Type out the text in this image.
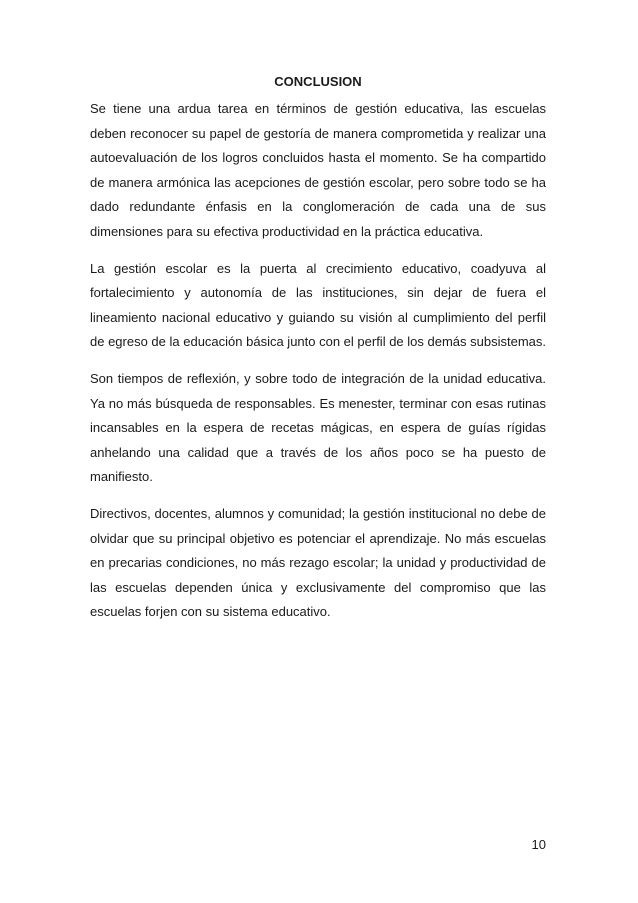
CONCLUSION

Se tiene una ardua tarea en términos de gestión educativa, las escuelas deben reconocer su papel de gestoría de manera comprometida y realizar una autoevaluación de los logros concluidos hasta el momento. Se ha compartido de manera armónica las acepciones de gestión escolar, pero sobre todo se ha dado redundante énfasis en la conglomeración de cada una de sus dimensiones para su efectiva productividad en la práctica educativa.

La gestión escolar es la puerta al crecimiento educativo, coadyuva al fortalecimiento y autonomía de las instituciones, sin dejar de fuera el lineamiento nacional educativo y guiando su visión al cumplimiento del perfil de egreso de la educación básica junto con el perfil de los demás subsistemas.

Son tiempos de reflexión, y sobre todo de integración de la unidad educativa. Ya no más búsqueda de responsables. Es menester, terminar con esas rutinas incansables en la espera de recetas mágicas, en espera de guías rígidas anhelando una calidad que a través de los años poco se ha puesto de manifiesto.

Directivos, docentes, alumnos y comunidad; la gestión institucional no debe de olvidar que su principal objetivo es potenciar el aprendizaje. No más escuelas en precarias condiciones, no más rezago escolar; la unidad y productividad de las escuelas dependen única y exclusivamente del compromiso que las escuelas forjen con su sistema educativo.

10
